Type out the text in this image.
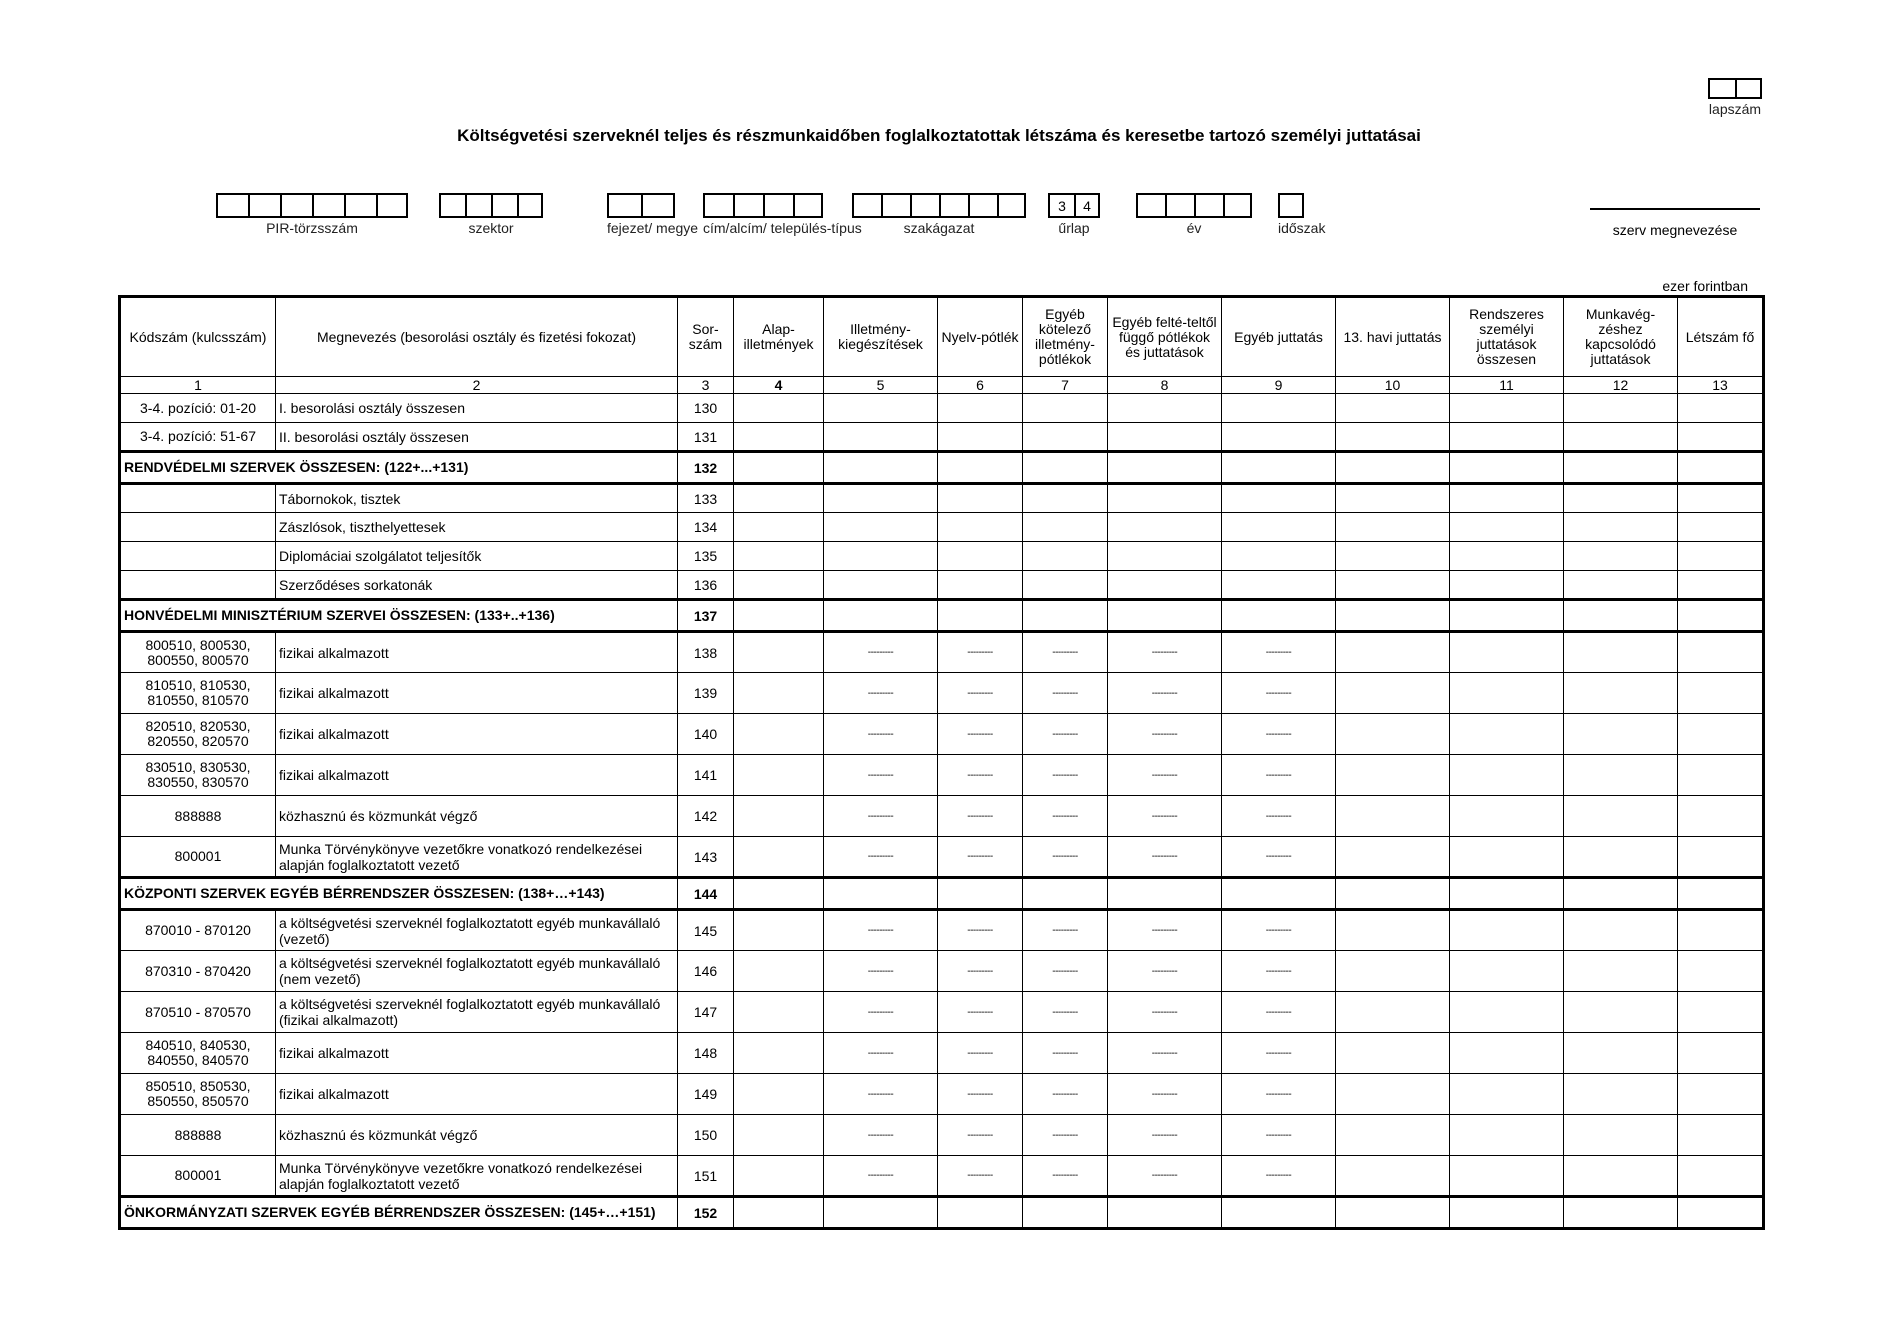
lapszám
Költségvetési szerveknél teljes és részmunkaidőben foglalkoztatottak létszáma és keresetbe tartozó személyi juttatásai
PIR-törzsszám	szektor	fejezet/ megye cím/alcím/ település-típus	szakágazat
3	4
űrlap	év	időszak	szerv megnevezése
ezer forintban
Kódszám (kulcsszám)	Megnevezés (besorolási osztály és fizetési fokozat)	Sor-szám	Alap-illetmények	Illetmény-kiegészítések	Nyelv-pótlék	Egyéb kötelező illetmény-pótlékok	Egyéb felté-teltől függő pótlékok és juttatások	Egyéb juttatás	13. havi juttatás	Rendszeres személyi juttatások összesen	Munkavég-zéshez kapcsolódó juttatások	Létszám fő
1	2	3	4	5	6	7	8	9	10	11	12	13
3-4. pozíció: 01-20	I. besorolási osztály összesen	130										
3-4. pozíció: 51-67	II. besorolási osztály összesen	131										
RENDVÉDELMI SZERVEK ÖSSZESEN: (122+...+131)		132										
	Tábornokok, tisztek	133										
	Zászlósok, tiszthelyettesek	134										
	Diplomáciai szolgálatot teljesítők	135										
	Szerződéses sorkatonák	136										
HONVÉDELMI MINISZTÉRIUM SZERVEI ÖSSZESEN: (133+..+136)		137										
800510, 800530, 800550, 800570	fizikai alkalmazott	138		---------	---------	---------	---------	---------				
810510, 810530, 810550, 810570	fizikai alkalmazott	139		---------	---------	---------	---------	---------				
820510, 820530, 820550, 820570	fizikai alkalmazott	140		---------	---------	---------	---------	---------				
830510, 830530, 830550, 830570	fizikai alkalmazott	141		---------	---------	---------	---------	---------				
888888	közhasznú és közmunkát végző	142		---------	---------	---------	---------	---------				
800001	Munka Törvénykönyve vezetőkre vonatkozó rendelkezései alapján foglalkoztatott vezető	143		---------	---------	---------	---------	---------				
KÖZPONTI SZERVEK EGYÉB BÉRRENDSZER ÖSSZESEN: (138+…+143)		144										
870010 - 870120	a költségvetési szerveknél foglalkoztatott egyéb munkavállaló (vezető)	145		---------	---------	---------	---------	---------				
870310 - 870420	a költségvetési szerveknél foglalkoztatott egyéb munkavállaló (nem vezető)	146		---------	---------	---------	---------	---------				
870510 - 870570	a költségvetési szerveknél foglalkoztatott egyéb munkavállaló (fizikai alkalmazott)	147		---------	---------	---------	---------	---------				
840510, 840530, 840550, 840570	fizikai alkalmazott	148		---------	---------	---------	---------	---------				
850510, 850530, 850550, 850570	fizikai alkalmazott	149		---------	---------	---------	---------	---------				
888888	közhasznú és közmunkát végző	150		---------	---------	---------	---------	---------				
800001	Munka Törvénykönyve vezetőkre vonatkozó rendelkezései alapján foglalkoztatott vezető	151		---------	---------	---------	---------	---------				
ÖNKORMÁNYZATI SZERVEK EGYÉB BÉRRENDSZER ÖSSZESEN: (145+…+151)		152										
